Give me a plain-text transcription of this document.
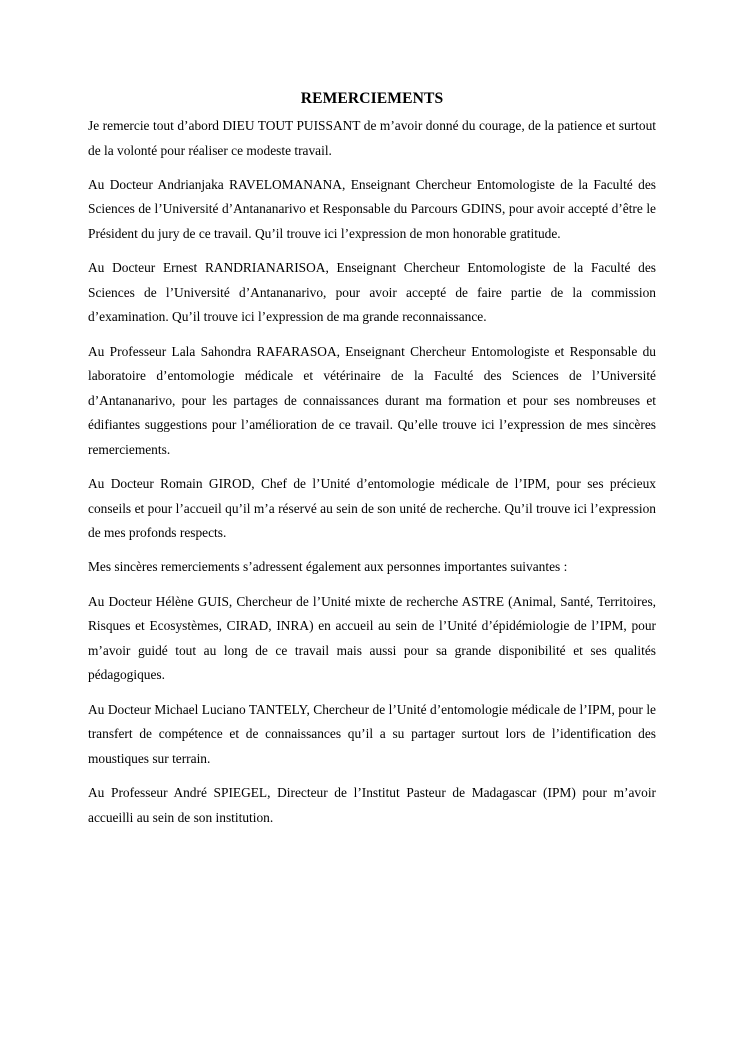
REMERCIEMENTS

Je remercie tout d’abord DIEU TOUT PUISSANT de m’avoir donné du courage, de la patience et surtout de la volonté pour réaliser ce modeste travail.

Au Docteur Andrianjaka RAVELOMANANA, Enseignant Chercheur Entomologiste de la Faculté des Sciences de l’Université d’Antananarivo et Responsable du Parcours GDINS, pour avoir accepté d’être le Président du jury de ce travail. Qu’il trouve ici l’expression de mon honorable gratitude.

Au Docteur Ernest RANDRIANARISOA, Enseignant Chercheur Entomologiste de la Faculté des Sciences de l’Université d’Antananarivo, pour avoir accepté de faire partie de la commission d’examination. Qu’il trouve ici l’expression de ma grande reconnaissance.

Au Professeur Lala Sahondra RAFARASOA, Enseignant Chercheur Entomologiste et Responsable du laboratoire d’entomologie médicale et vétérinaire de la Faculté des Sciences de l’Université d’Antananarivo, pour les partages de connaissances durant ma formation et pour ses nombreuses et édifiantes suggestions pour l’amélioration de ce travail. Qu’elle trouve ici l’expression de mes sincères remerciements.

Au Docteur Romain GIROD, Chef de l’Unité d’entomologie médicale de l’IPM, pour ses précieux conseils et pour l’accueil qu’il m’a réservé au sein de son unité de recherche. Qu’il trouve ici l’expression de mes profonds respects.

Mes sincères remerciements s’adressent également aux personnes importantes suivantes :

Au Docteur Hélène GUIS, Chercheur de l’Unité mixte de recherche ASTRE (Animal, Santé, Territoires, Risques et Ecosystèmes, CIRAD, INRA) en accueil au sein de l’Unité d’épidémiologie de l’IPM, pour m’avoir guidé tout au long de ce travail mais aussi pour sa grande disponibilité et ses qualités pédagogiques.

Au Docteur Michael Luciano TANTELY, Chercheur de l’Unité d’entomologie médicale de l’IPM, pour le transfert de compétence et de connaissances qu’il a su partager surtout lors de l’identification des moustiques sur terrain.

Au Professeur André SPIEGEL, Directeur de l’Institut Pasteur de Madagascar (IPM) pour m’avoir accueilli au sein de son institution.
